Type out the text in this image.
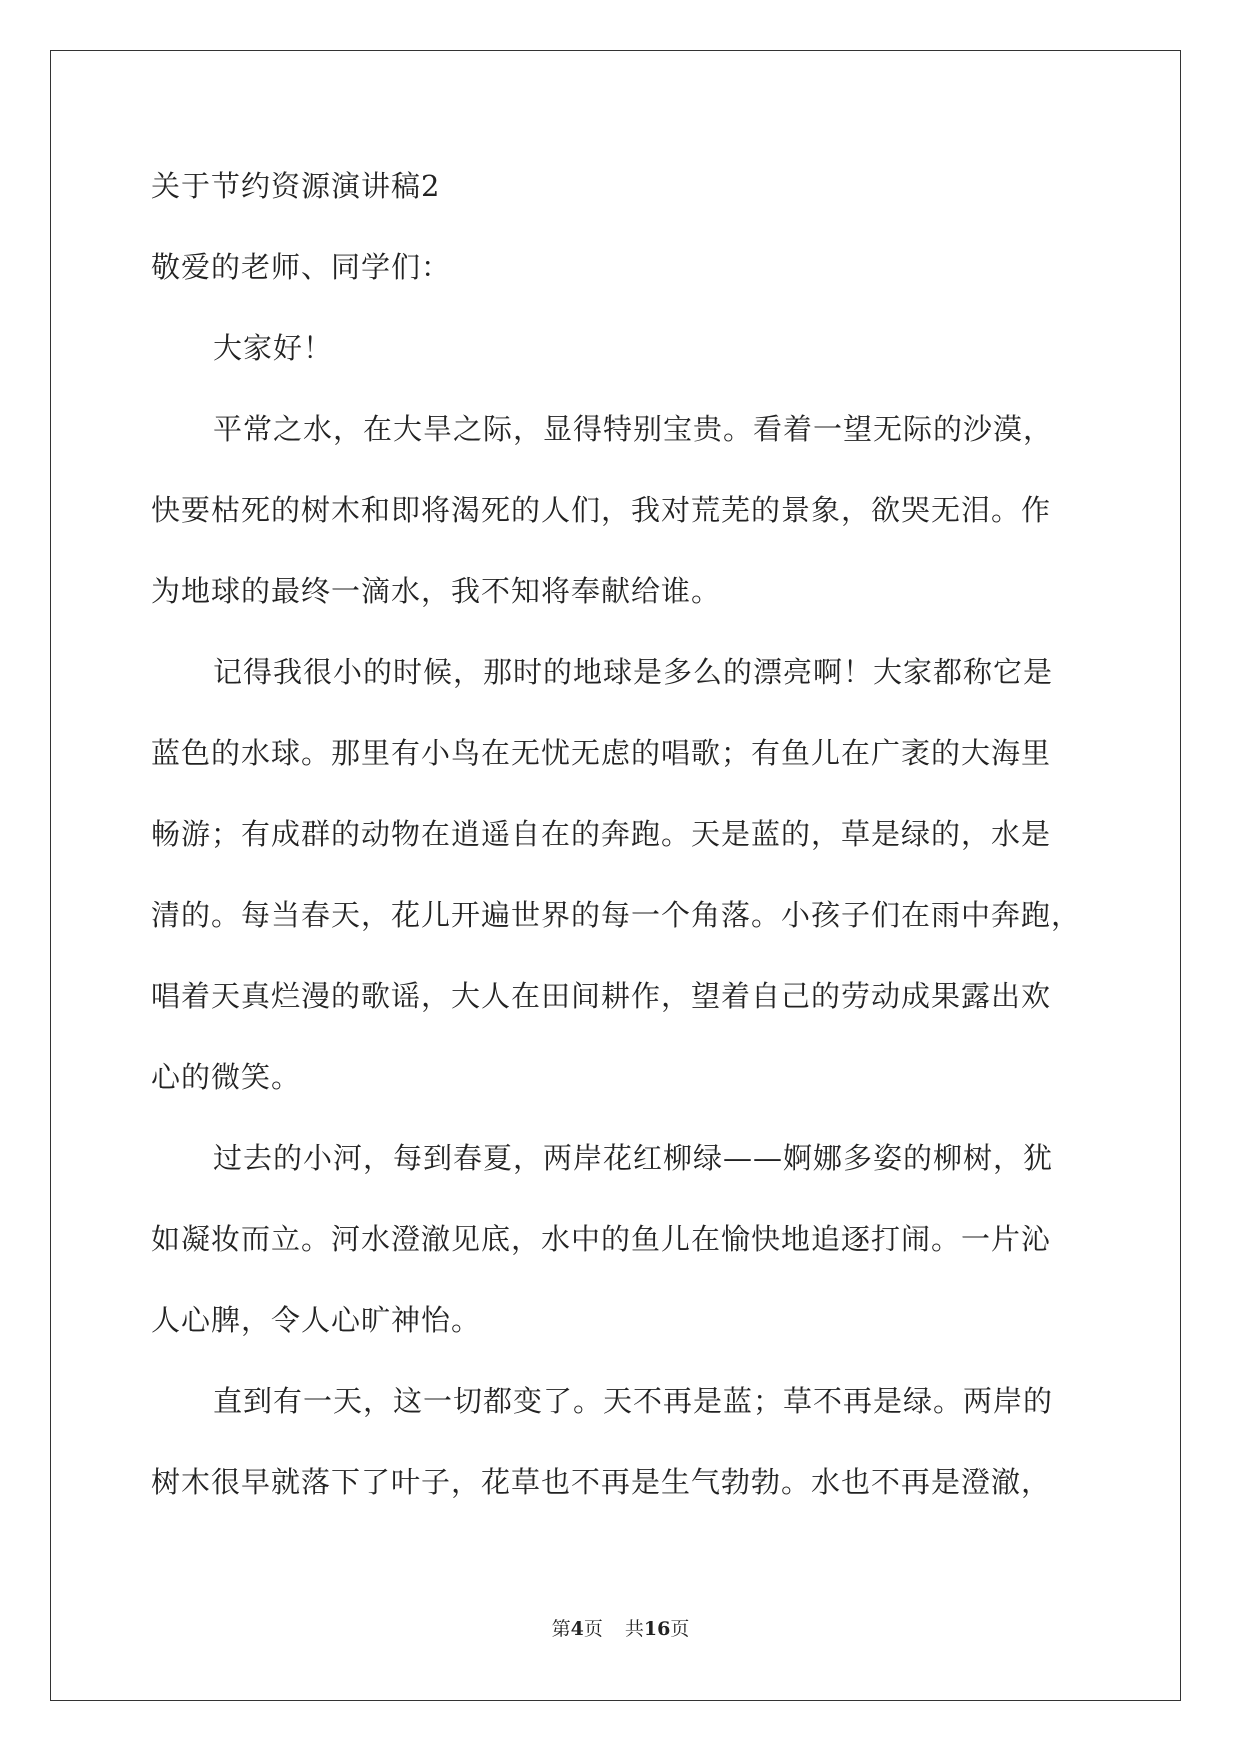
关于节约资源演讲稿2
敬爱的老师、同学们：
大家好！
平常之水，在大旱之际，显得特别宝贵。看着一望无际的沙漠，
快要枯死的树木和即将渴死的人们，我对荒芜的景象，欲哭无泪。作
为地球的最终一滴水，我不知将奉献给谁。
记得我很小的时候，那时的地球是多么的漂亮啊！大家都称它是
蓝色的水球。那里有小鸟在无忧无虑的唱歌；有鱼儿在广袤的大海里
畅游；有成群的动物在逍遥自在的奔跑。天是蓝的，草是绿的，水是
清的。每当春天，花儿开遍世界的每一个角落。小孩子们在雨中奔跑，
唱着天真烂漫的歌谣，大人在田间耕作，望着自己的劳动成果露出欢
心的微笑。
过去的小河，每到春夏，两岸花红柳绿——婀娜多姿的柳树，犹
如凝妆而立。河水澄澈见底，水中的鱼儿在愉快地追逐打闹。一片沁
人心脾，令人心旷神怡。
直到有一天，这一切都变了。天不再是蓝；草不再是绿。两岸的
树木很早就落下了叶子，花草也不再是生气勃勃。水也不再是澄澈，
第4页 共16页
